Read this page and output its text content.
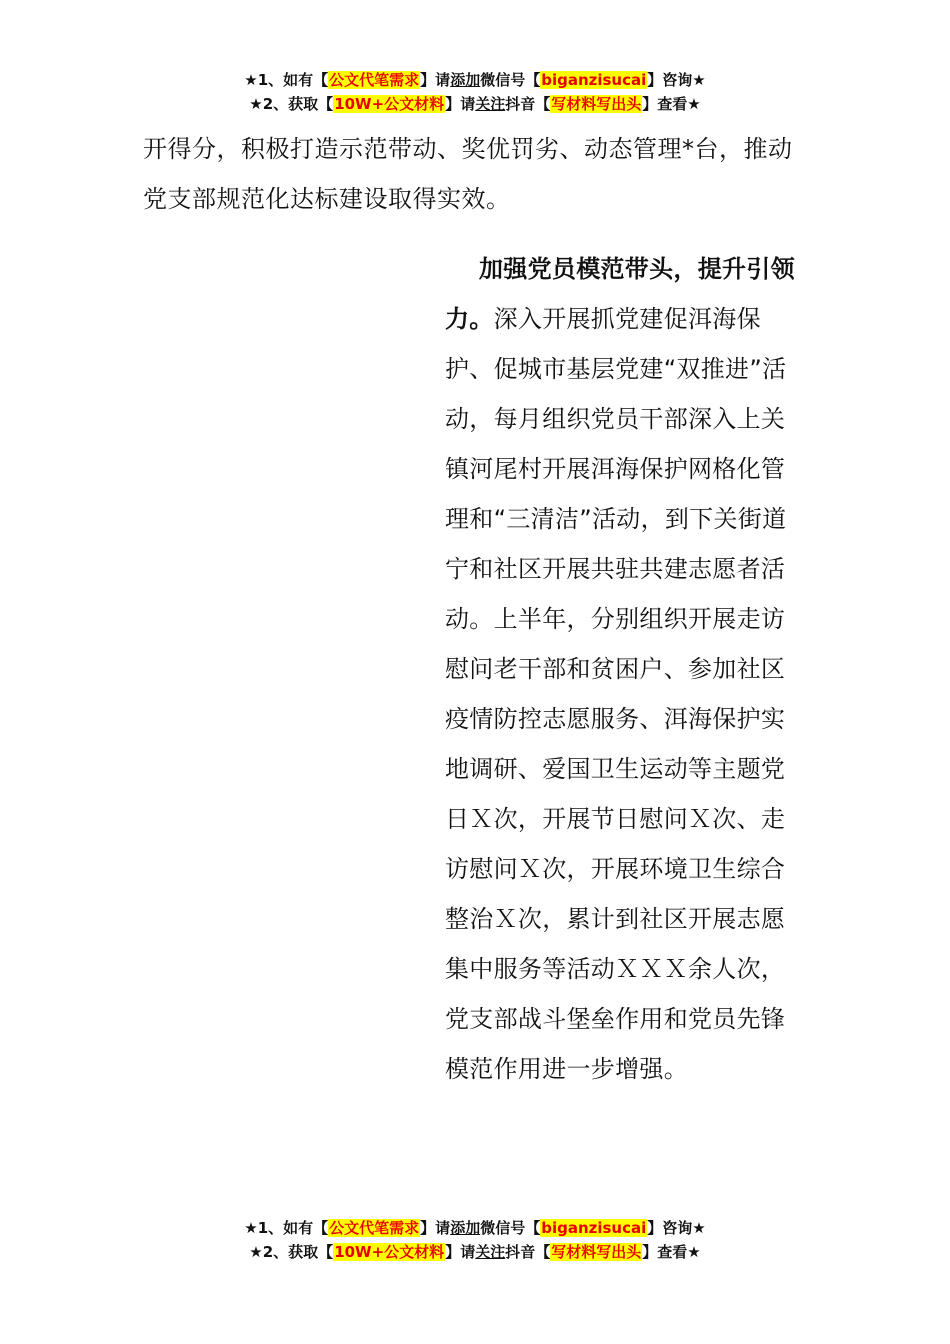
★1、如有【公文代笔需求】请添加微信号【biganzisucai】咨询★
★2、获取【10W+公文材料】请关注抖音【写材料写出头】查看★

开得分，积极打造示范带动、奖优罚劣、动态管理*台，推动党支部规范化达标建设取得实效。

加强党员模范带头，提升引领力。深入开展抓党建促洱海保护、促城市基层党建“双推进”活动，每月组织党员干部深入上关镇河尾村开展洱海保护网格化管理和“三清洁”活动，到下关街道宁和社区开展共驻共建志愿者活动。上半年，分别组织开展走访慰问老干部和贫困户、参加社区疫情防控志愿服务、洱海保护实地调研、爱国卫生运动等主题党日Ｘ次，开展节日慰问Ｘ次、走访慰问Ｘ次，开展环境卫生综合整治Ｘ次，累计到社区开展志愿集中服务等活动ＸＸＸ余人次，党支部战斗堡垒作用和党员先锋模范作用进一步增强。

★1、如有【公文代笔需求】请添加微信号【biganzisucai】咨询★
★2、获取【10W+公文材料】请关注抖音【写材料写出头】查看★
